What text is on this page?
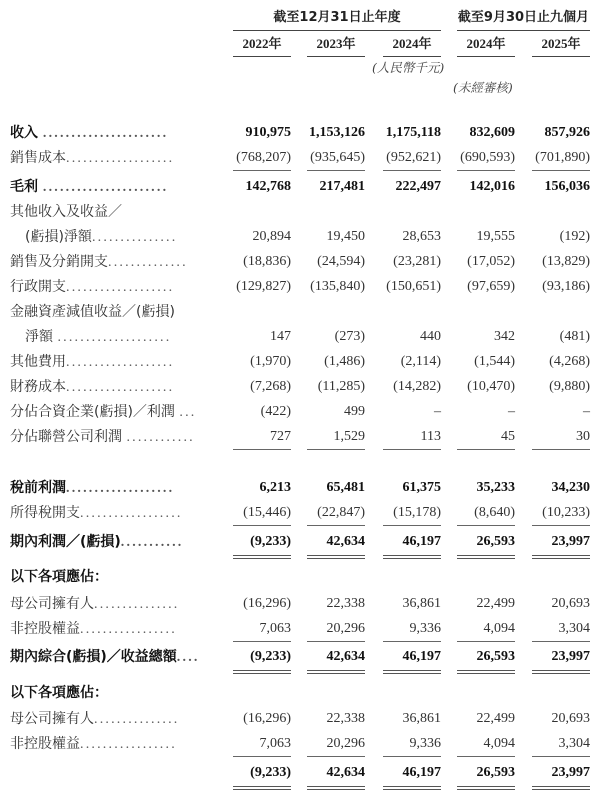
截至12月31日止年度	截至9月30日止九個月
2022年	2023年	2024年	2024年	2025年
(人民幣千元)
(未經審核)
收入 ......................	910,975 1,153,126 1,175,118	832,609	857,926
銷售成本...................	(768,207) (935,645) (952,621) (690,593) (701,890)
毛利 ......................	142,768	217,481	222,497	142,016	156,036
其他收入及收益／
(虧損)淨額...............	20,894	19,450	28,653	19,555	(192)
銷售及分銷開支..............	(18,836)	(24,594)	(23,281)	(17,052)	(13,829)
行政開支...................	(129,827) (135,840) (150,651)	(97,659)	(93,186)
金融資產減值收益／(虧損)
淨額 ....................	147	(273)	440	342	(481)
其他費用...................	(1,970)	(1,486)	(2,114)	(1,544)	(4,268)
財務成本...................	(7,268)	(11,285)	(14,282)	(10,470)	(9,880)
分佔合資企業(虧損)／利潤 ...	(422)	499	–	–	–
分佔聯營公司利潤 ............	727	1,529	113	45	30
稅前利潤...................	6,213	65,481	61,375	35,233	34,230
所得稅開支..................	(15,446)	(22,847)	(15,178)	(8,640)	(10,233)
期內利潤／(虧損)...........	(9,233)	42,634	46,197	26,593	23,997
以下各項應佔：
母公司擁有人...............	(16,296)	22,338	36,861	22,499	20,693
非控股權益.................	7,063	20,296	9,336	4,094	3,304
期內綜合(虧損)／收益總額....	(9,233)	42,634	46,197	26,593	23,997
以下各項應佔：
母公司擁有人...............	(16,296)	22,338	36,861	22,499	20,693
非控股權益.................	7,063	20,296	9,336	4,094	3,304
(9,233)	42,634	46,197	26,593	23,997
